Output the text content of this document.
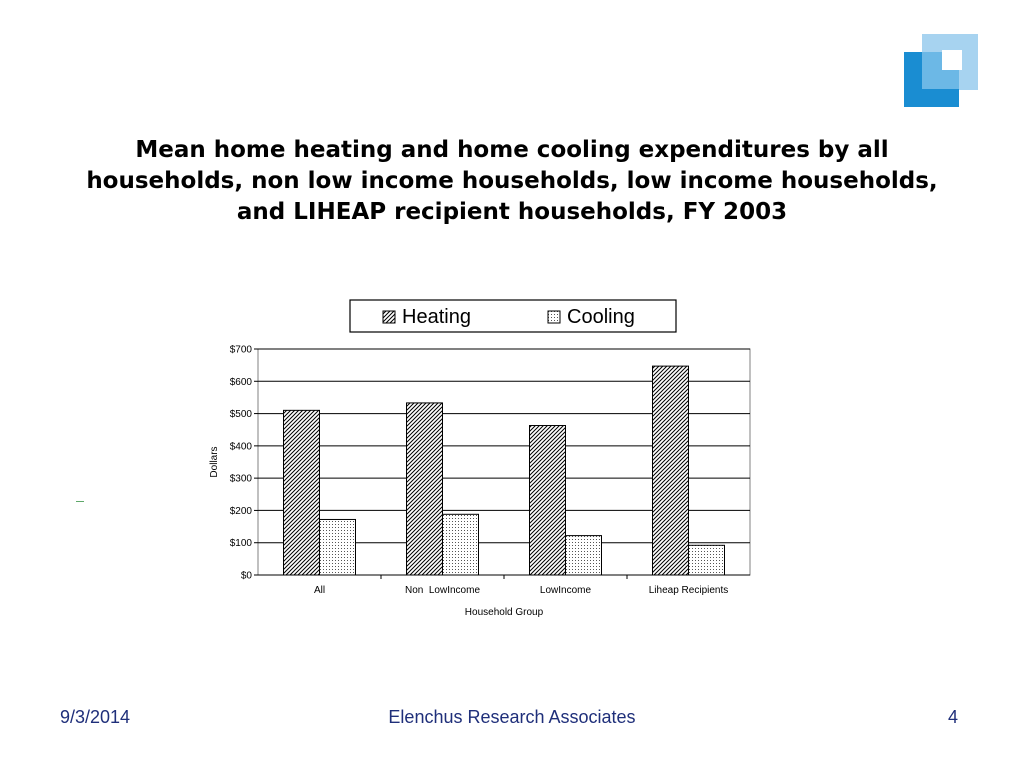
Mean home heating and home cooling expenditures by all households, non low income households, low income households, and LIHEAP recipient households, FY 2003
Heating	Cooling
$0
$100
$200
$300
$400
$500
$600
$700
All	Non  LowIncome	LowIncome	Liheap Recipients
Dollars
Household Group
9/3/2014	Elenchus Research Associates	4
